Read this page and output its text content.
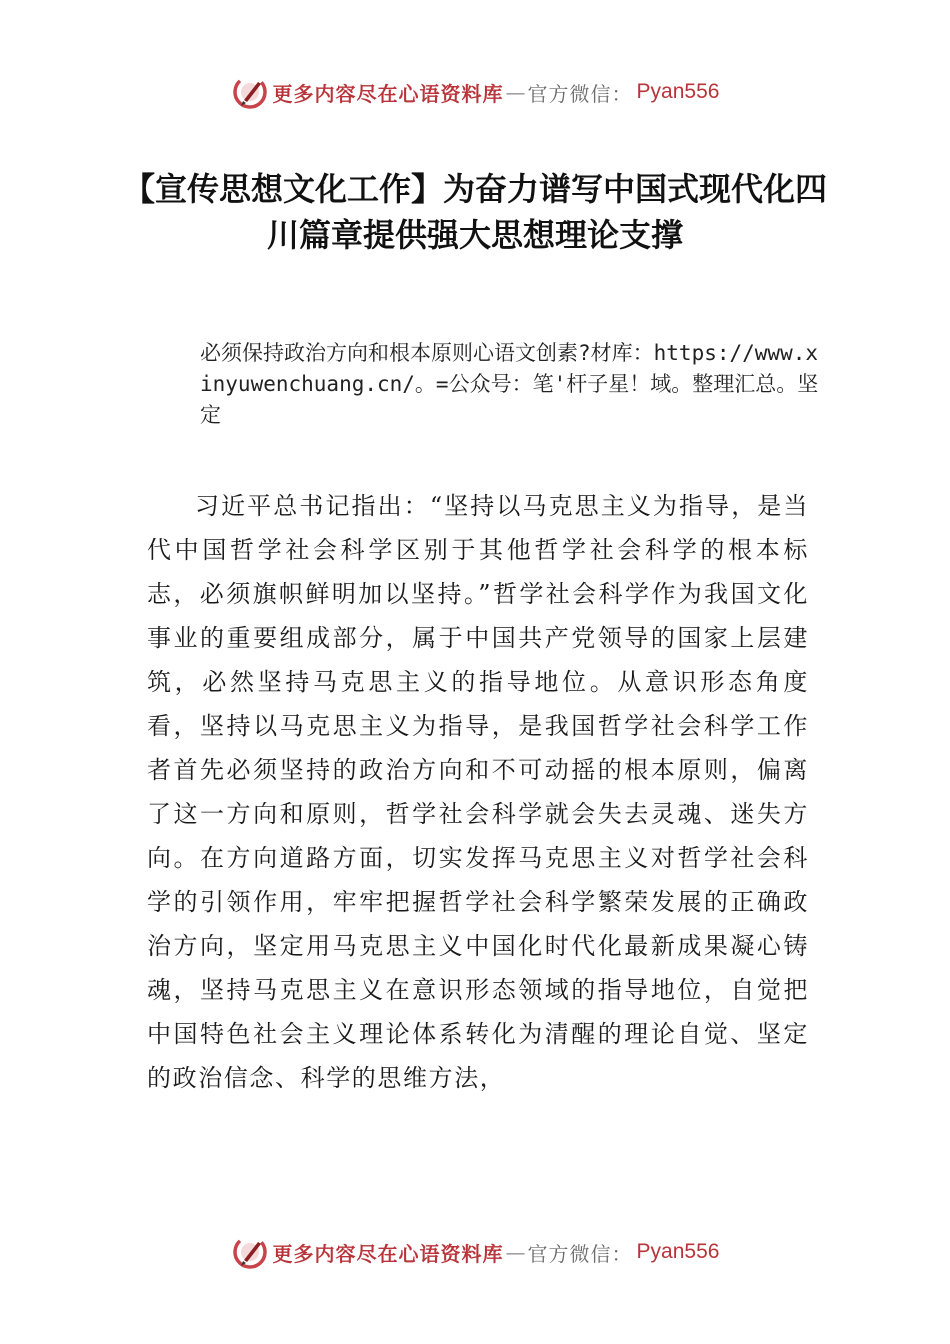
更多内容尽在心语资料库 — 官方微信： Pyan556
【宣传思想文化工作】为奋力谱写中国式现代化四川篇章提供强大思想理论支撑

必须保持政治方向和根本原则心语文创素?材库：https://www.xinyuwenchuang.cn/。=公众号：笔'杆子星！域。整理汇总。坚定

习近平总书记指出：“坚持以马克思主义为指导，是当代中国哲学社会科学区别于其他哲学社会科学的根本标志，必须旗帜鲜明加以坚持。”哲学社会科学作为我国文化事业的重要组成部分，属于中国共产党领导的国家上层建筑，必然坚持马克思主义的指导地位。从意识形态角度看，坚持以马克思主义为指导，是我国哲学社会科学工作者首先必须坚持的政治方向和不可动摇的根本原则，偏离了这一方向和原则，哲学社会科学就会失去灵魂、迷失方向。在方向道路方面，切实发挥马克思主义对哲学社会科学的引领作用，牢牢把握哲学社会科学繁荣发展的正确政治方向，坚定用马克思主义中国化时代化最新成果凝心铸魂，坚持马克思主义在意识形态领域的指导地位，自觉把中国特色社会主义理论体系转化为清醒的理论自觉、坚定的政治信念、科学的思维方法，

更多内容尽在心语资料库 — 官方微信： Pyan556
